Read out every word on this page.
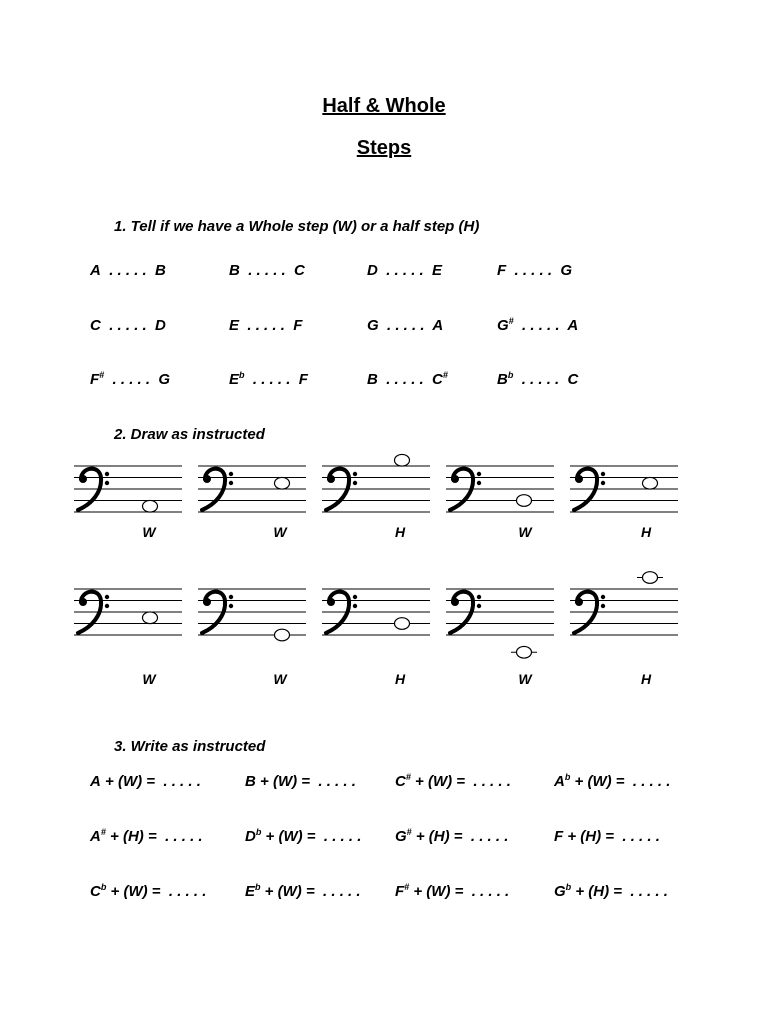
Half & Whole
Steps
1. Tell if we have a Whole step (W) or a half step (H)
A . . . . . B	B . . . . . C	D . . . . . E	F . . . . . G
C . . . . . D	E . . . . . F	G . . . . . A	G# . . . . . A
F# . . . . . G	$E^b$ . . . . . F	B . . . . . C#	$B^b$ . . . . . C
2. Draw as instructed
W	W	H	W	H
W	W	H	W	H
3. Write as instructed
A + (W) =  . . . . .	B + (W) =  . . . . .	C# + (W) =  . . . . .	$A^b + (W)$ =  . . . . .
A# + (H) =  . . . . .	$D^b + (W)$ =  . . . . . G# + (H) =  . . . . .	F + (H) =  . . . . .
$C^b + (W)$ =  . . . . .	$E^b + (W)$ =  . . . . . F# + (W) =  . . . . .	$G^b + (H)$ =  . . . . .
